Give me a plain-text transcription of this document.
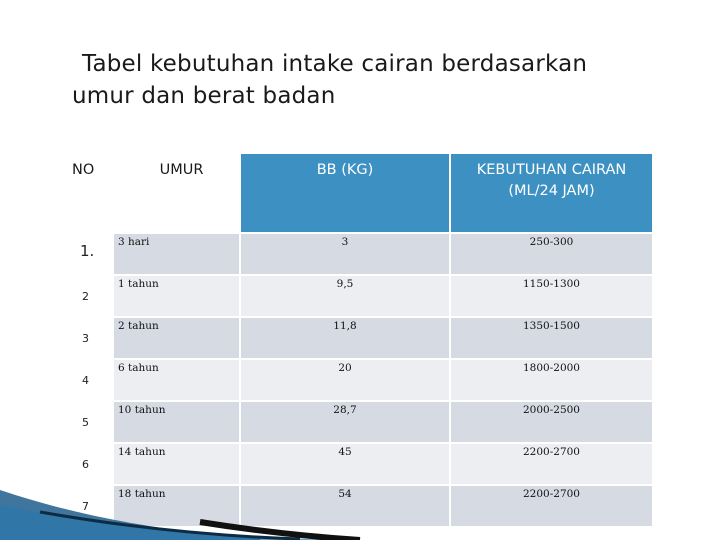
Tabel kebutuhan intake cairan berdasarkan
umur dan berat badan
NO	UMUR	BB (KG)	KEBUTUHAN CAIRAN
(ML/24 JAM)

1.	3 hari	3	250-300

2	1 tahun	9,5	1150-1300

3	2 tahun	11,8	1350-1500

4	6 tahun	20	1800-2000

5	10 tahun	28,7	2000-2500

6	14 tahun	45	2200-2700

7	18 tahun	54	2200-2700
